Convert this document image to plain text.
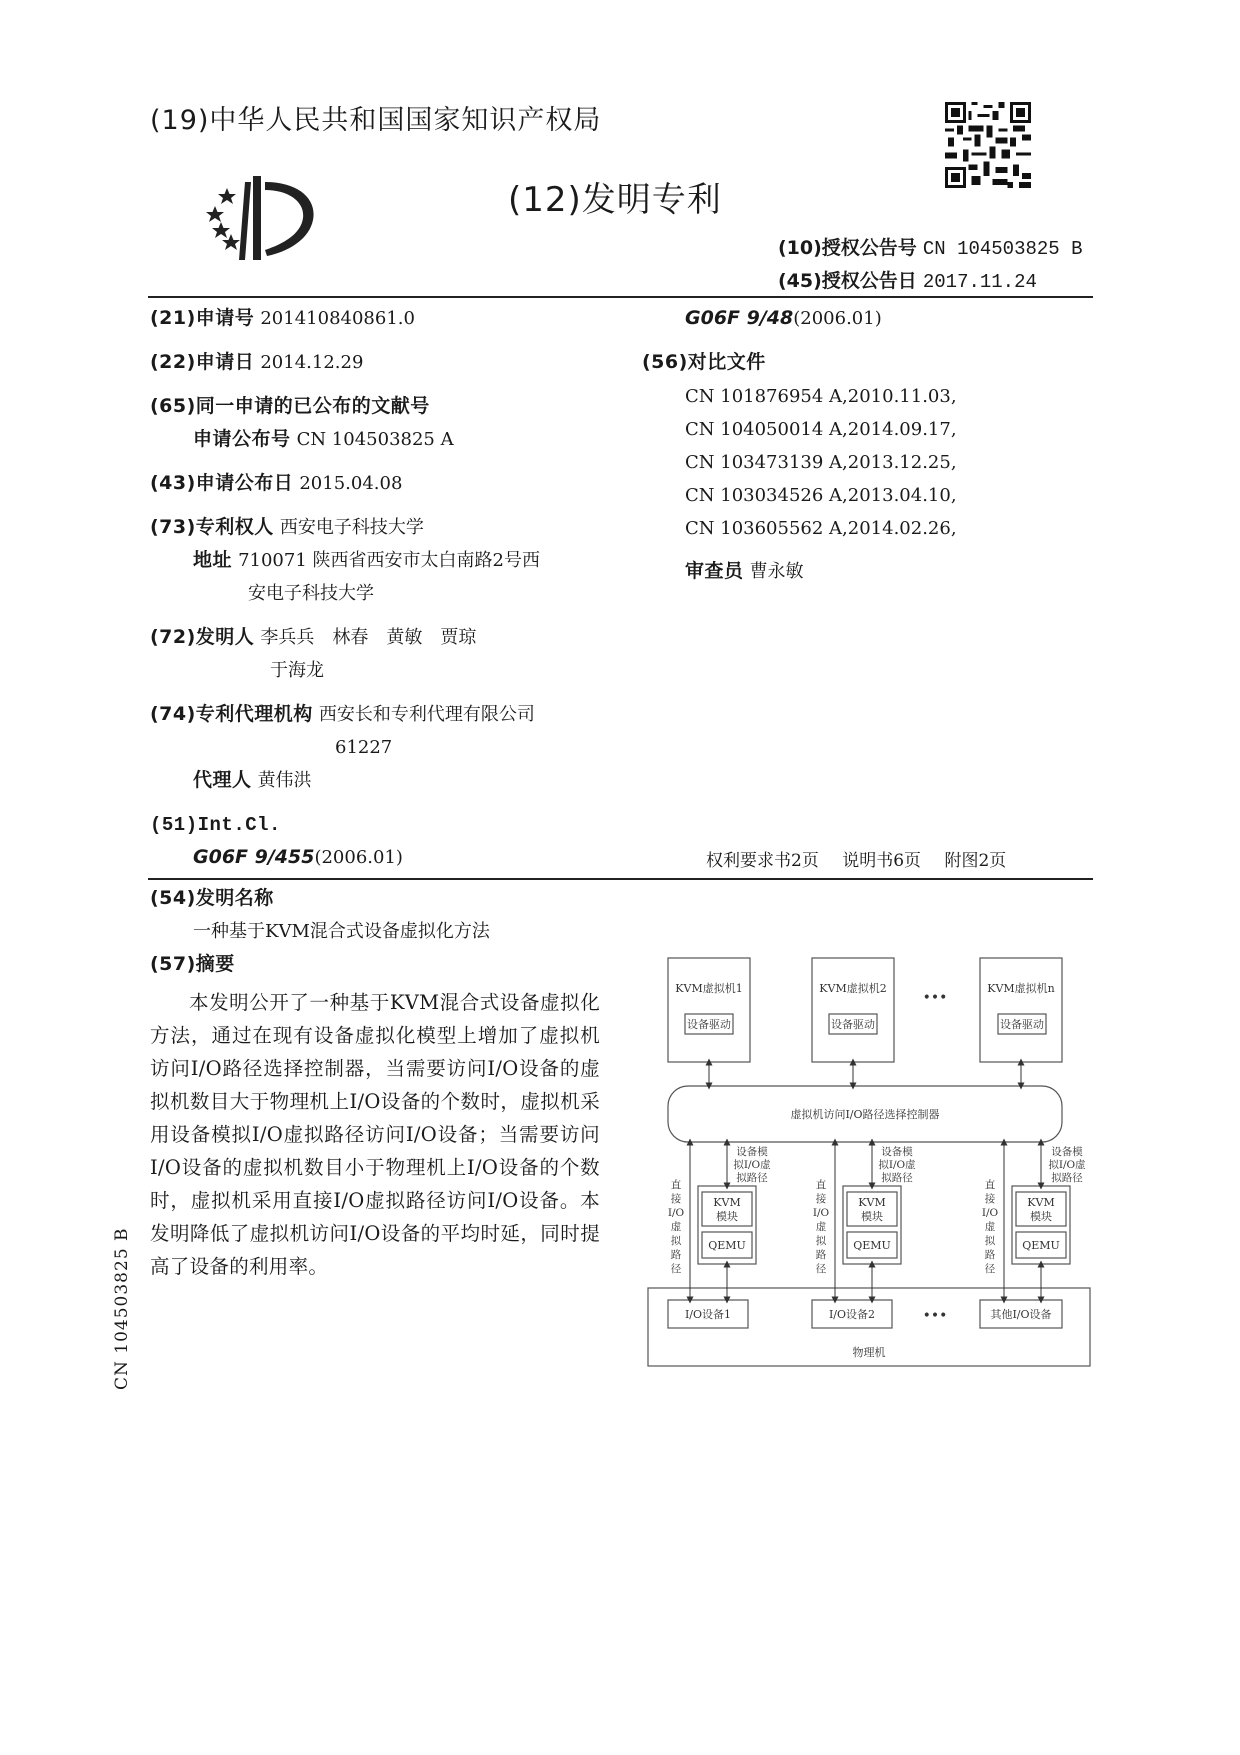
(19)中华人民共和国国家知识产权局
(12)发明专利
(10)授权公告号 CN 104503825 B
(45)授权公告日 2017.11.24
(21)申请号 201410840861.0
(22)申请日 2014.12.29
(65)同一申请的已公布的文献号
申请公布号 CN 104503825 A
(43)申请公布日 2015.04.08
(73)专利权人 西安电子科技大学
地址 710071 陕西省西安市太白南路2号西
安电子科技大学
(72)发明人 李兵兵　林春　黄敏　贾琼
于海龙
(74)专利代理机构 西安长和专利代理有限公司
61227
代理人 黄伟洪
(51)Int.Cl.
G06F 9/455(2006.01)
G06F 9/48(2006.01)
(56)对比文件
CN 101876954 A,2010.11.03,
CN 104050014 A,2014.09.17,
CN 103473139 A,2013.12.25,
CN 103034526 A,2013.04.10,
CN 103605562 A,2014.02.26,
审查员 曹永敏
权利要求书2页 说明书6页 附图2页
(54)发明名称
一种基于KVM混合式设备虚拟化方法
(57)摘要
本发明公开了一种基于KVM混合式设备虚拟化方法，通过在现有设备虚拟化模型上增加了虚拟机访问I/O路径选择控制器，当需要访问I/O设备的虚拟机数目大于物理机上I/O设备的个数时，虚拟机采用设备模拟I/O虚拟路径访问I/O设备；当需要访问I/O设备的虚拟机数目小于物理机上I/O设备的个数时，虚拟机采用直接I/O虚拟路径访问I/O设备。本发明降低了虚拟机访问I/O设备的平均时延，同时提高了设备的利用率。
KVM虚拟机1	KVM虚拟机2	KVM虚拟机n
设备驱动	设备驱动	设备驱动
•••
虚拟机访问I/O路径选择控制器
I/O设备1	I/O设备2	•••	其他I/O设备
物理机
KVM
模块
QEMU
KVM
模块
QEMU
KVM
模块
QEMU
设备模
拟I/O虚
拟路径
设备模
拟I/O虚
拟路径
设备模
拟I/O虚
拟路径
直
接
I/O
虚
拟
路
径
直
接
I/O
虚
拟
路
径
直
接
I/O
虚
拟
路
径
CN 104503825 B
